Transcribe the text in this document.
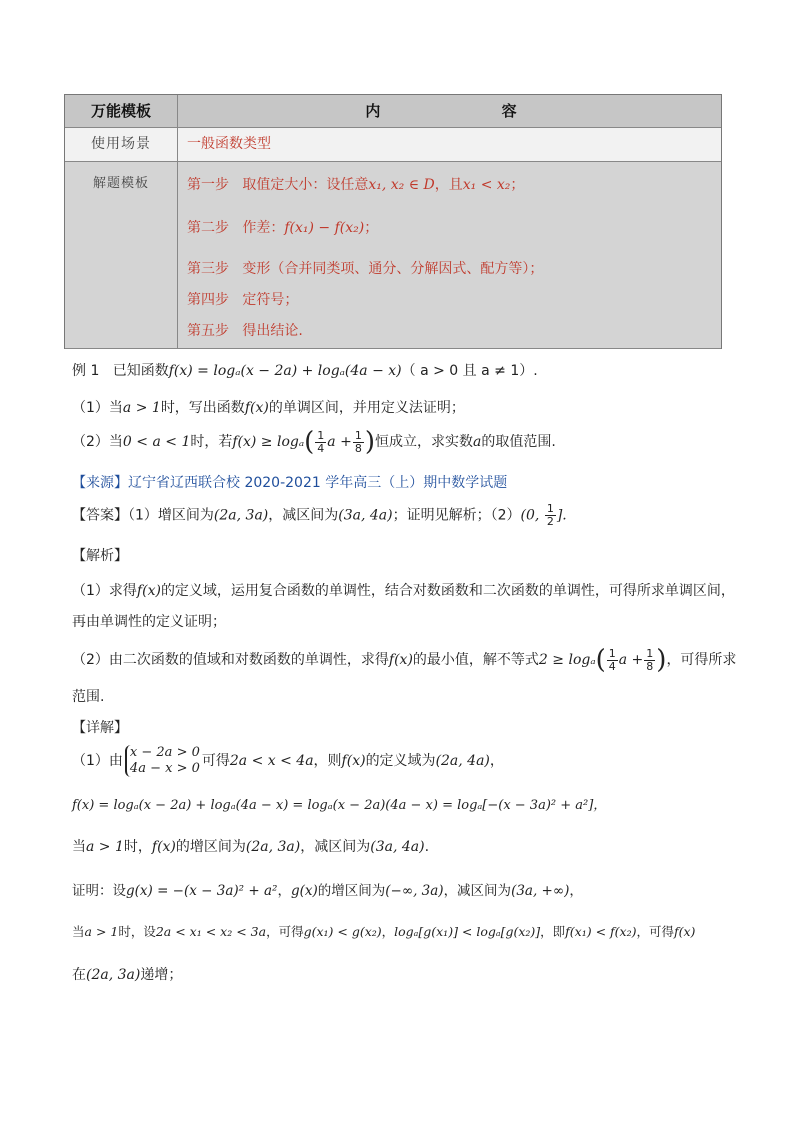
万能模板	内 容
使用场景	一般函数类型
解题模板	第一步 取值定大小：设任意x₁, x₂ ∈ D，且x₁ < x₂；
第二步 作差：f(x₁) − f(x₂)；
第三步 变形（合并同类项、通分、分解因式、配方等）；
第四步 定符号；
第五步 得出结论.
例 1 已知函数f(x) = logₐ(x − 2a) + logₐ(4a − x)（ a > 0 且 a ≠ 1）.
（1）当a > 1时，写出函数f(x)的单调区间，并用定义法证明；
（2）当0 < a < 1时，若$f(x) \ge \log_a( \frac{1}{4}$ $a + \frac{1}{8}$ )恒成立，求实数a的取值范围.
【来源】辽宁省辽西联合校 2020-2021 学年高三（上）期中数学试题
【答案】（1）增区间为(2a, 3a)，减区间为(3a, 4a)；证明见解析；（2）(0, $\frac{1}{2}$ ].
【解析】
（1）求得f(x)的定义域，运用复合函数的单调性，结合对数函数和二次函数的单调性，可得所求单调区间，
再由单调性的定义证明；
（2）由二次函数的值域和对数函数的单调性，求得f(x)的最小值，解不等式$2 \ge \log_a( \frac{1}{4}$ $a + \frac{1}{8}$ )，可得所求
范围.
【详解】
（1）由
x − 2a > 0
4a − x > 0 可得2a < x < 4a，则f(x)的定义域为(2a, 4a)，
f(x) = logₐ(x − 2a) + logₐ(4a − x) = logₐ(x − 2a)(4a − x) = logₐ[−(x − 3a)² + a²]，
当a > 1时，f(x)的增区间为(2a, 3a)，减区间为(3a, 4a).
证明：设g(x) = −(x − 3a)² + a²，g(x)的增区间为(−∞, 3a)，减区间为(3a, +∞)，
当a > 1时，设2a < x₁ < x₂ < 3a，可得g(x₁) < g(x₂)，logₐ[g(x₁)] < logₐ[g(x₂)]，即f(x₁) < f(x₂)，可得f(x)
在(2a, 3a)递增；
